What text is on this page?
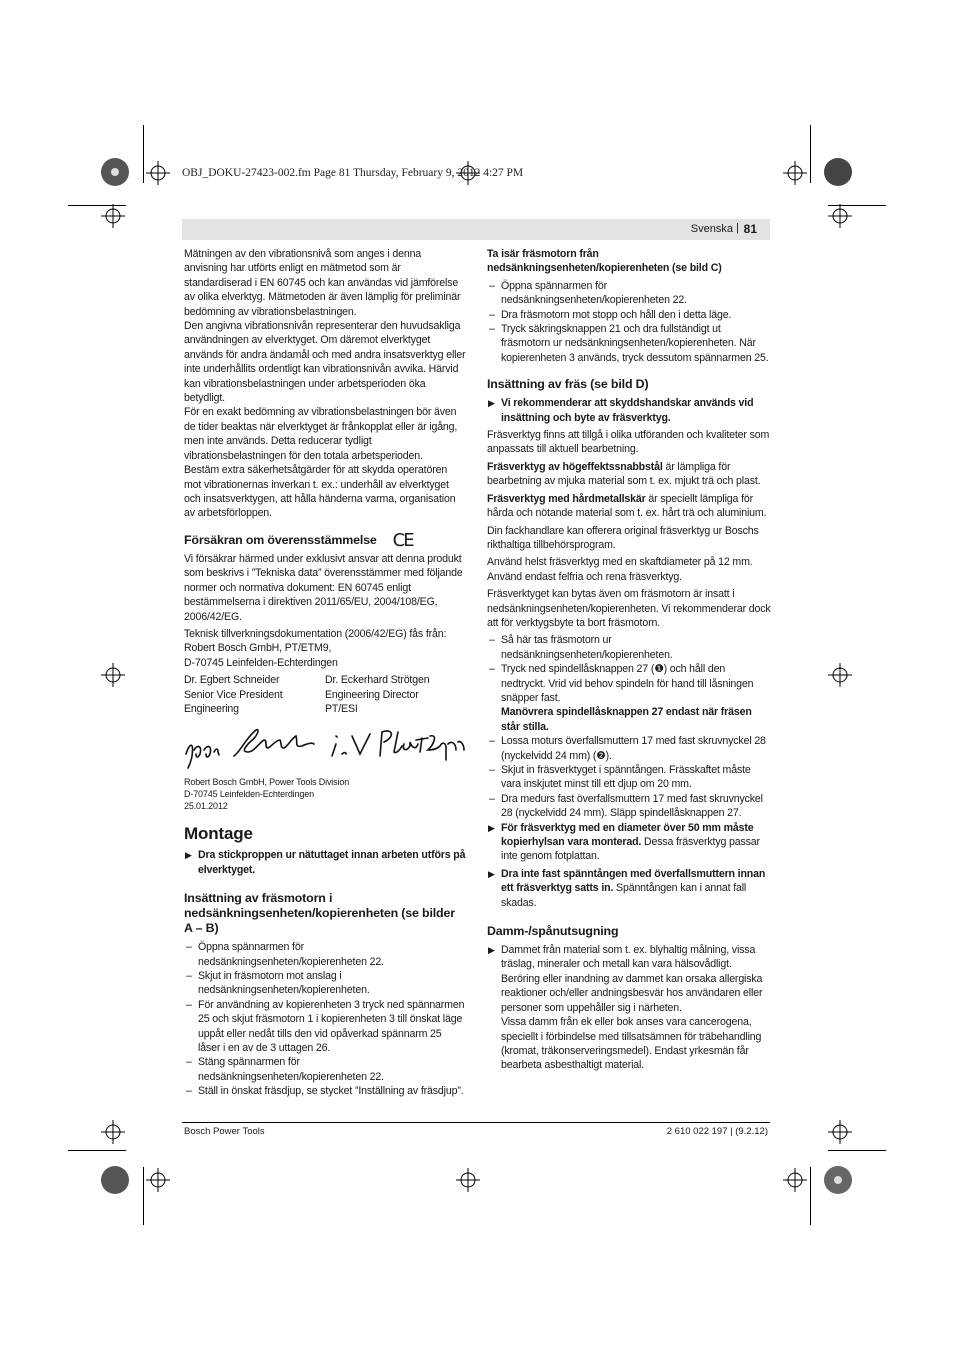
OBJ_DOKU-27423-002.fm Page 81 Thursday, February 9, 2012 4:27 PM
Svenska | 81

Mätningen av den vibrationsnivå som anges i denna anvisning har utförts enligt en mätmetod som är standardiserad i EN 60745 och kan användas vid jämförelse av olika elverktyg. Mätmetoden är även lämplig för preliminär bedömning av vibrationsbelastningen.

Den angivna vibrationsnivån representerar den huvudsakliga användningen av elverktyget. Om däremot elverktyget används för andra ändamål och med andra insatsverktyg eller inte underhållits ordentligt kan vibrationsnivån avvika. Härvid kan vibrationsbelastningen under arbetsperioden öka betydligt.

För en exakt bedömning av vibrationsbelastningen bör även de tider beaktas när elverktyget är frånkopplat eller är igång, men inte används. Detta reducerar tydligt vibrationsbelastningen för den totala arbetsperioden.

Bestäm extra säkerhetsåtgärder för att skydda operatören mot vibrationernas inverkan t. ex.: underhåll av elverktyget och insatsverktygen, att hålla händerna varma, organisation av arbetsförloppen.

Försäkran om överensstämmelse CE

Vi försäkrar härmed under exklusivt ansvar att denna produkt som beskrivs i ”Tekniska data” överensstämmer med följande normer och normativa dokument: EN 60745 enligt bestämmelserna i direktiven 2011/65/EU, 2004/108/EG, 2006/42/EG.

Teknisk tillverkningsdokumentation (2006/42/EG) fås från:

Robert Bosch GmbH, PT/ETM9,

D-70745 Leinfelden-Echterdingen

Dr. Egbert Schneider

Senior Vice President

Engineering

Dr. Eckerhard Strötgen

Engineering Director

PT/ESI

Robert Bosch GmbH, Power Tools Division

D-70745 Leinfelden-Echterdingen

25.01.2012

Montage

▶ Dra stickproppen ur nätuttaget innan arbeten utförs på elverktyget.

Insättning av fräsmotorn i nedsänkningsenheten/kopierenheten (se bilder A – B)

– Öppna spännarmen för nedsänkningsenheten/kopierenheten 22.

– Skjut in fräsmotorn mot anslag i nedsänkningsenheten/kopierenheten.

– För användning av kopierenheten 3 tryck ned spännarmen 25 och skjut fräsmotorn 1 i kopierenheten 3 till önskat läge uppåt eller nedåt tills den vid opåverkad spännarm 25 låser i en av de 3 uttagen 26.

– Stäng spännarmen för nedsänkningsenheten/kopierenheten 22.

– Ställ in önskat fräsdjup, se stycket ”Inställning av fräsdjup”.

Ta isär fräsmotorn från nedsänkningsenheten/kopierenheten (se bild C)

– Öppna spännarmen för nedsänkningsenheten/kopierenheten 22.

– Dra fräsmotorn mot stopp och håll den i detta läge.

– Tryck säkringsknappen 21 och dra fullständigt ut fräsmotorn ur nedsänkningsenheten/kopierenheten. När kopierenheten 3 används, tryck dessutom spännarmen 25.

Insättning av fräs (se bild D)

▶ Vi rekommenderar att skyddshandskar används vid insättning och byte av fräsverktyg.

Fräsverktyg finns att tillgå i olika utföranden och kvaliteter som anpassats till aktuell bearbetning.

Fräsverktyg av högeffektssnabbstål är lämpliga för bearbetning av mjuka material som t. ex. mjukt trä och plast.

Fräsverktyg med hårdmetallskär är speciellt lämpliga för hårda och nötande material som t. ex. hårt trä och aluminium.

Din fackhandlare kan offerera original fräsverktyg ur Boschs rikthaltiga tillbehörsprogram.

Använd helst fräsverktyg med en skaftdiameter på 12 mm. Använd endast felfria och rena fräsverktyg.

Fräsverktyget kan bytas även om fräsmotorn är insatt i nedsänkningsenheten/kopierenheten. Vi rekommenderar dock att för verktygsbyte ta bort fräsmotorn.

– Så här tas fräsmotorn ur nedsänkningsenheten/kopierenheten.

– Tryck ned spindellåsknappen 27 (❶) och håll den nedtryckt. Vrid vid behov spindeln för hand till låsningen snäpper fast.

Manövrera spindellåsknappen 27 endast när fräsen står stilla.

– Lossa moturs överfallsmuttern 17 med fast skruvnyckel 28 (nyckelvidd 24 mm) (❷).

– Skjut in fräsverktyget i spänntången. Frässkaftet måste vara inskjutet minst till ett djup om 20 mm.

– Dra medurs fast överfallsmuttern 17 med fast skruvnyckel 28 (nyckelvidd 24 mm). Släpp spindellåsknappen 27.

▶ För fräsverktyg med en diameter över 50 mm måste kopierhylsan vara monterad. Dessa fräsverktyg passar inte genom fotplattan.

▶ Dra inte fast spänntången med överfallsmuttern innan ett fräsverktyg satts in. Spänntången kan i annat fall skadas.

Damm-/spånutsugning

▶ Dammet från material som t. ex. blyhaltig målning, vissa träslag, mineraler och metall kan vara hälsovådligt. Beröring eller inandning av dammet kan orsaka allergiska reaktioner och/eller andningsbesvär hos användaren eller personer som uppehåller sig i närheten.

Vissa damm från ek eller bok anses vara cancerogena, speciellt i förbindelse med tillsatsämnen för träbehandling (kromat, träkonserveringsmedel). Endast yrkesmän får bearbeta asbesthaltigt material.

Bosch Power Tools	2 610 022 197 | (9.2.12)
